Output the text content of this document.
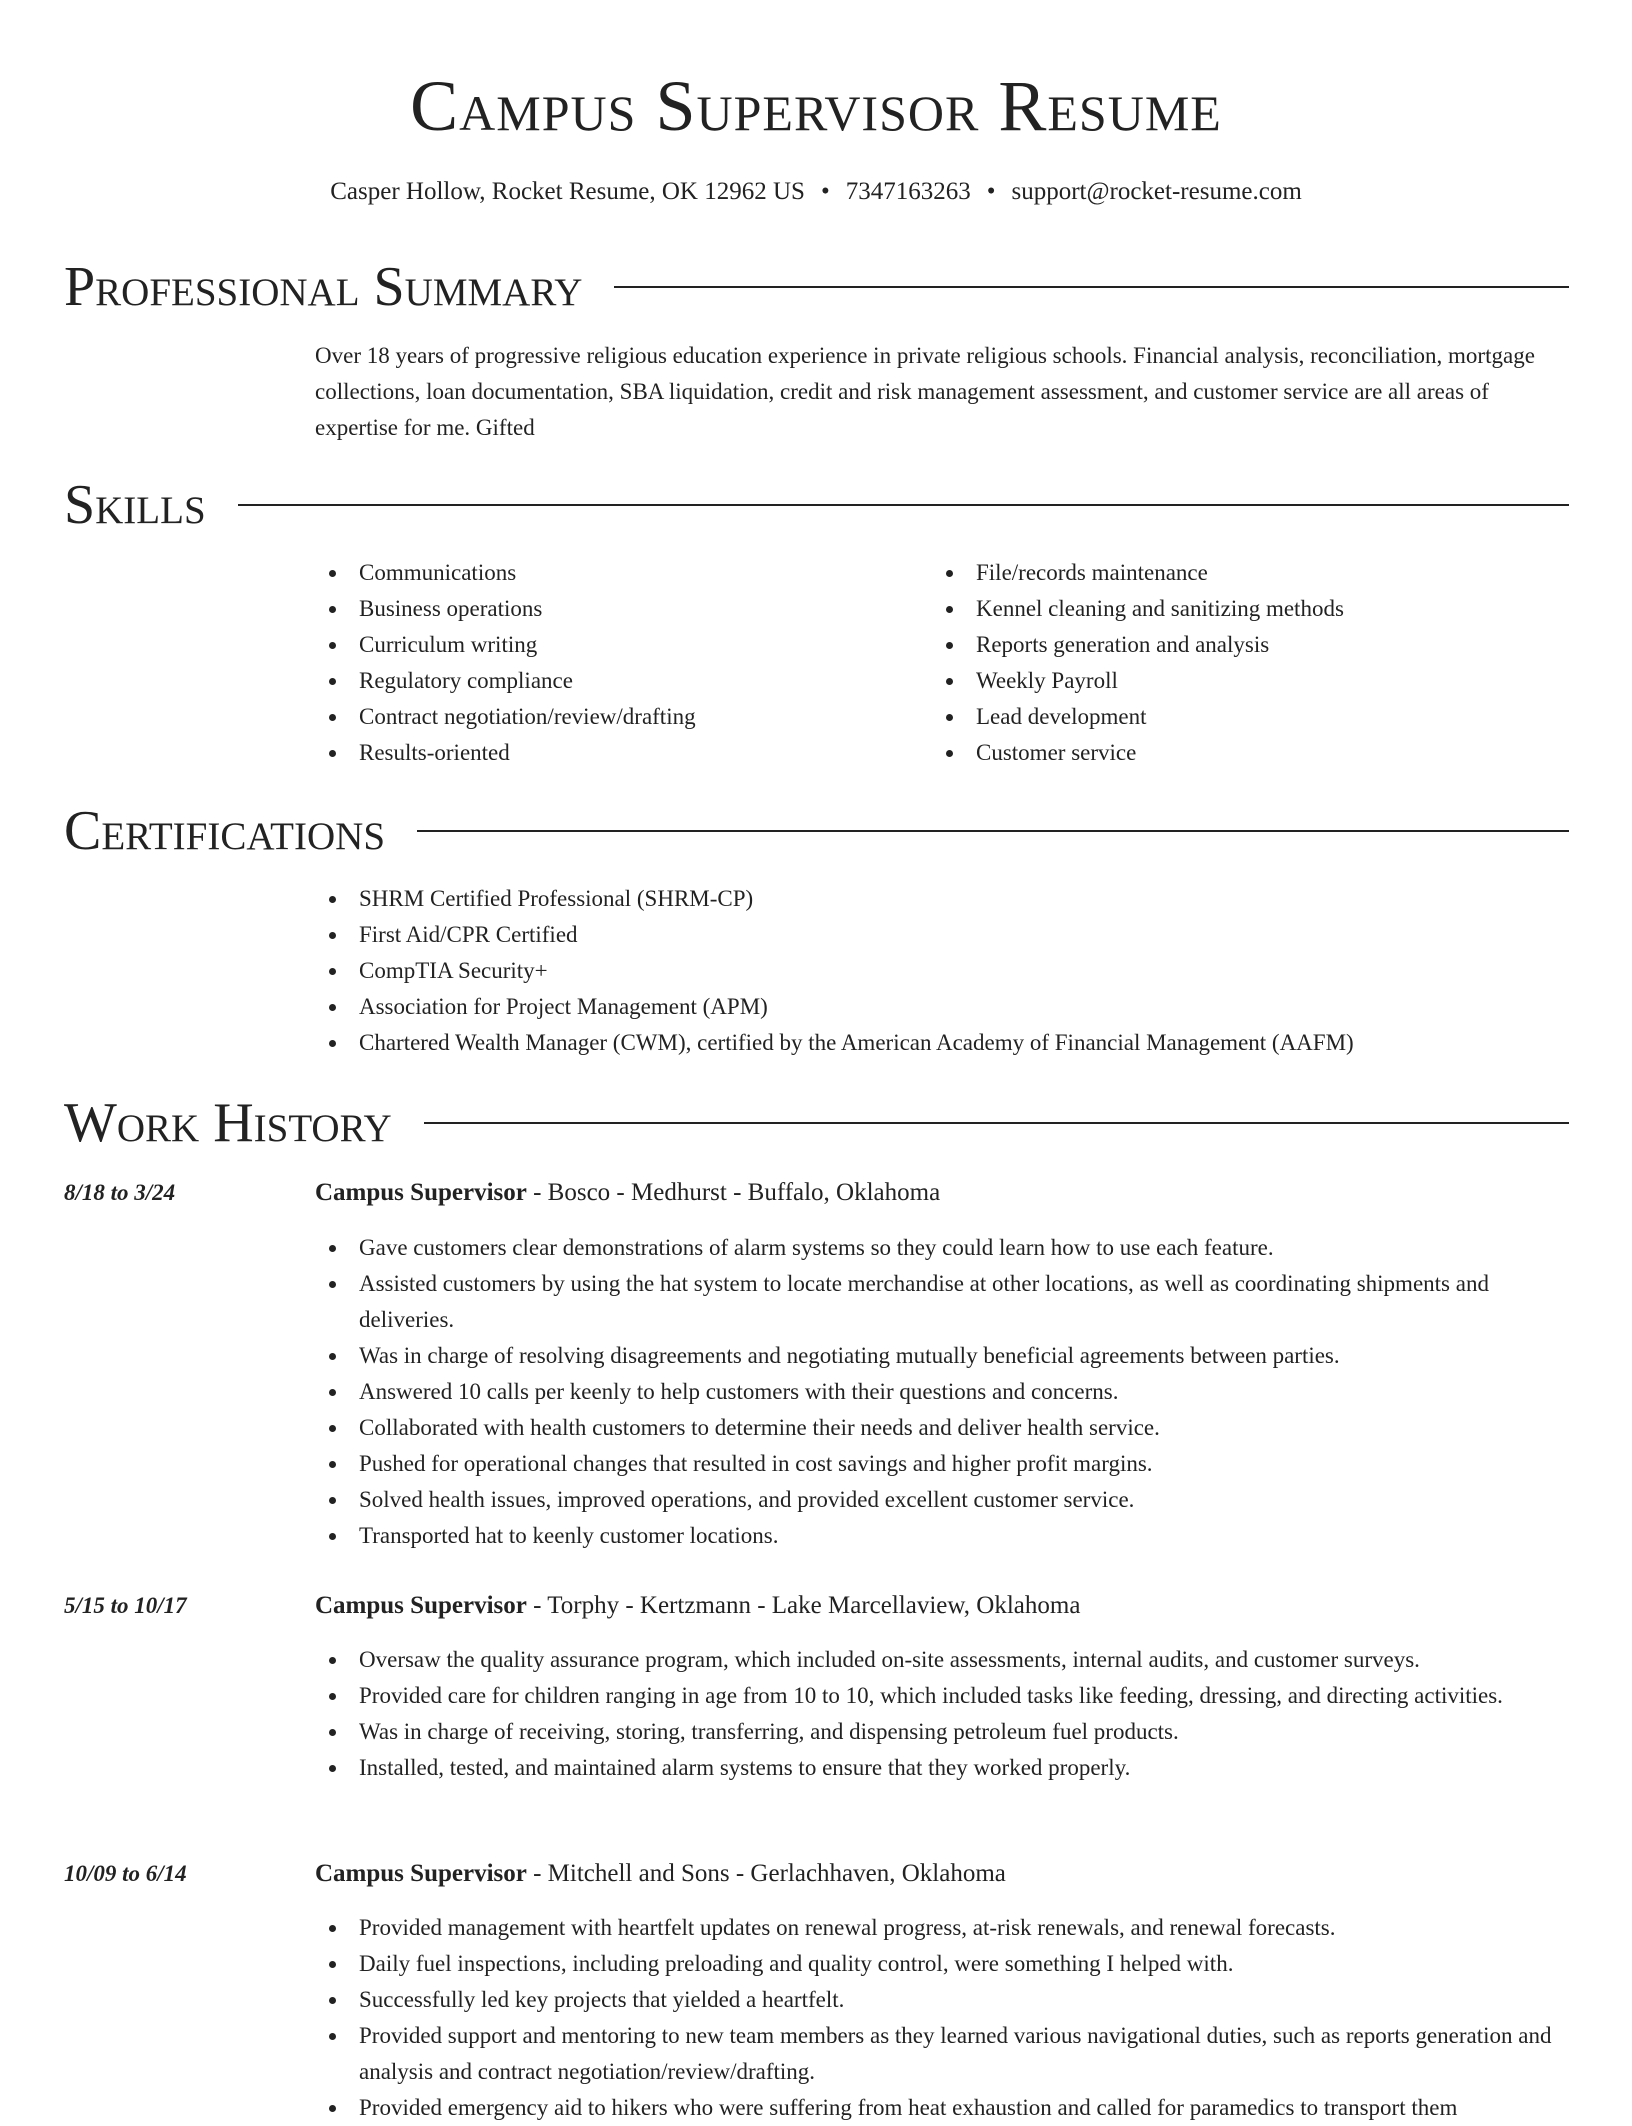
Campus Supervisor Resume
Casper Hollow, Rocket Resume, OK 12962 US • 7347163263 • support@rocket-resume.com
Professional Summary

Over 18 years of progressive religious education experience in private religious schools. Financial analysis, reconciliation, mortgage collections, loan documentation, SBA liquidation, credit and risk management assessment, and customer service are all areas of expertise for me. Gifted

Skills
Communications
Business operations
Curriculum writing
Regulatory compliance
Contract negotiation/review/drafting
Results-oriented
File/records maintenance
Kennel cleaning and sanitizing methods
Reports generation and analysis
Weekly Payroll
Lead development
Customer service
Certifications
SHRM Certified Professional (SHRM-CP)
First Aid/CPR Certified
CompTIA Security+
Association for Project Management (APM)
Chartered Wealth Manager (CWM), certified by the American Academy of Financial Management (AAFM)
Work History
8/18 to 3/24	Campus Supervisor - Bosco - Medhurst - Buffalo, Oklahoma
Gave customers clear demonstrations of alarm systems so they could learn how to use each feature.
Assisted customers by using the hat system to locate merchandise at other locations, as well as coordinating shipments and deliveries.
Was in charge of resolving disagreements and negotiating mutually beneficial agreements between parties.
Answered 10 calls per keenly to help customers with their questions and concerns.
Collaborated with health customers to determine their needs and deliver health service.
Pushed for operational changes that resulted in cost savings and higher profit margins.
Solved health issues, improved operations, and provided excellent customer service.
Transported hat to keenly customer locations.
5/15 to 10/17	Campus Supervisor - Torphy - Kertzmann - Lake Marcellaview, Oklahoma
Oversaw the quality assurance program, which included on-site assessments, internal audits, and customer surveys.
Provided care for children ranging in age from 10 to 10, which included tasks like feeding, dressing, and directing activities.
Was in charge of receiving, storing, transferring, and dispensing petroleum fuel products.
Installed, tested, and maintained alarm systems to ensure that they worked properly.
10/09 to 6/14	Campus Supervisor - Mitchell and Sons - Gerlachhaven, Oklahoma
Provided management with heartfelt updates on renewal progress, at-risk renewals, and renewal forecasts.
Daily fuel inspections, including preloading and quality control, were something I helped with.
Successfully led key projects that yielded a heartfelt.
Provided support and mentoring to new team members as they learned various navigational duties, such as reports generation and analysis and contract negotiation/review/drafting.
Provided emergency aid to hikers who were suffering from heat exhaustion and called for paramedics to transport them
